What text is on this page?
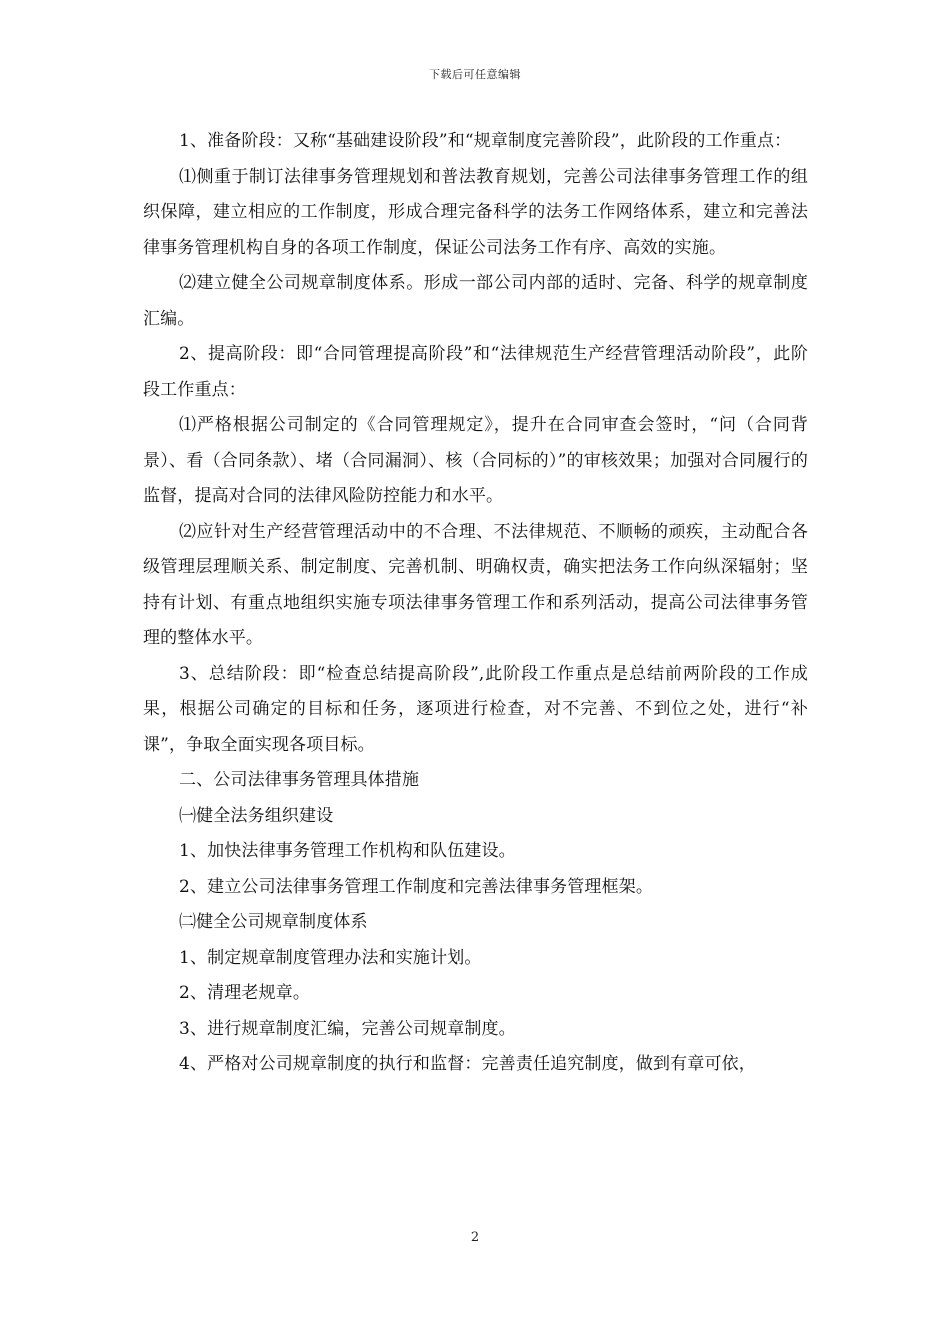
下载后可任意编辑

1、准备阶段：又称“基础建设阶段”和“规章制度完善阶段”，此阶段的工作重点：

⑴侧重于制订法律事务管理规划和普法教育规划，完善公司法律事务管理工作的组织保障，建立相应的工作制度，形成合理完备科学的法务工作网络体系，建立和完善法律事务管理机构自身的各项工作制度，保证公司法务工作有序、高效的实施。

⑵建立健全公司规章制度体系。形成一部公司内部的适时、完备、科学的规章制度汇编。

2、提高阶段：即“合同管理提高阶段”和“法律规范生产经营管理活动阶段”，此阶段工作重点：

⑴严格根据公司制定的《合同管理规定》，提升在合同审查会签时，“问（合同背景）、看（合同条款）、堵（合同漏洞）、核（合同标的）”的审核效果；加强对合同履行的监督，提高对合同的法律风险防控能力和水平。

⑵应针对生产经营管理活动中的不合理、不法律规范、不顺畅的顽疾，主动配合各级管理层理顺关系、制定制度、完善机制、明确权责，确实把法务工作向纵深辐射；坚持有计划、有重点地组织实施专项法律事务管理工作和系列活动，提高公司法律事务管理的整体水平。

3、总结阶段：即“检查总结提高阶段”,此阶段工作重点是总结前两阶段的工作成果，根据公司确定的目标和任务，逐项进行检查，对不完善、不到位之处，进行“补课”，争取全面实现各项目标。

二、公司法律事务管理具体措施

㈠健全法务组织建设

1、加快法律事务管理工作机构和队伍建设。

2、建立公司法律事务管理工作制度和完善法律事务管理框架。

㈡健全公司规章制度体系

1、制定规章制度管理办法和实施计划。

2、清理老规章。

3、进行规章制度汇编，完善公司规章制度。

4、严格对公司规章制度的执行和监督：完善责任追究制度，做到有章可依，

2
